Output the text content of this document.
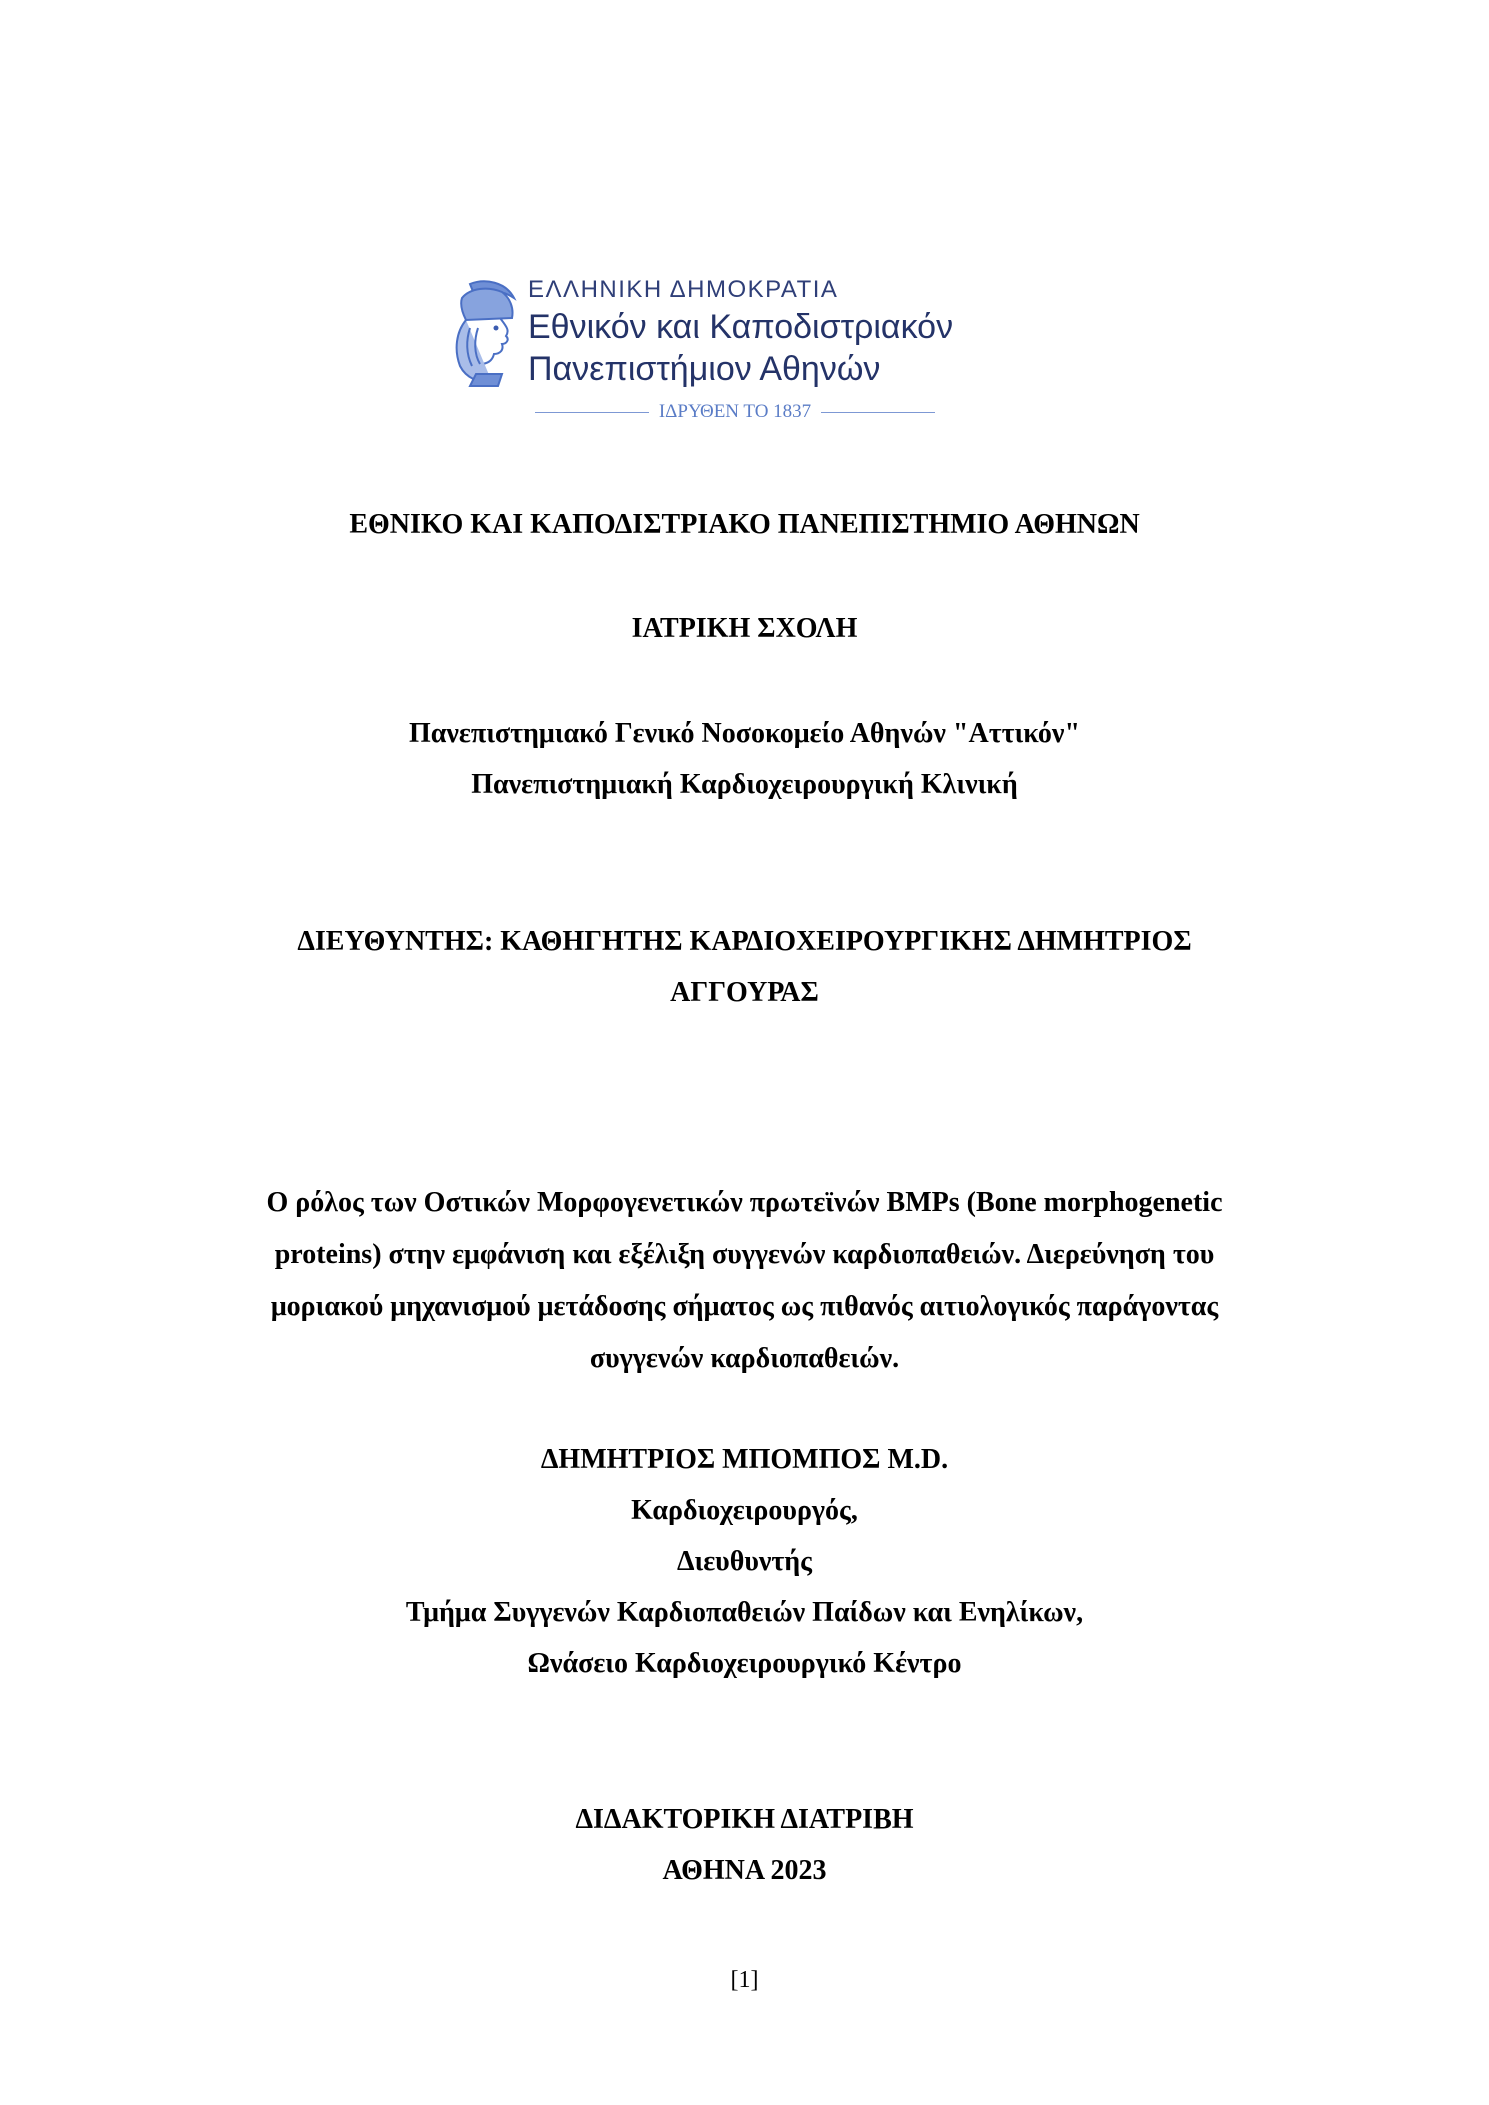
ΕΛΛΗΝΙΚΗ ΔΗΜΟΚΡΑΤΙΑ
Εθνικόν και Καποδιστριακόν
Πανεπιστήμιον Αθηνών
ΙΔΡΥΘΕΝ ΤΟ 1837
ΕΘΝΙΚΟ ΚΑΙ ΚΑΠΟΔΙΣΤΡΙΑΚΟ ΠΑΝΕΠΙΣΤΗΜΙΟ ΑΘΗΝΩΝ
ΙΑΤΡΙΚΗ ΣΧΟΛΗ
Πανεπιστημιακό Γενικό Νοσοκομείο Αθηνών "Αττικόν"
Πανεπιστημιακή Καρδιοχειρουργική Κλινική
ΔΙΕΥΘΥΝΤΗΣ: ΚΑΘΗΓΗΤΗΣ ΚΑΡΔΙΟΧΕΙΡΟΥΡΓΙΚΗΣ ΔΗΜΗΤΡΙΟΣ
ΑΓΓΟΥΡΑΣ
Ο ρόλος των Οστικών Μορφογενετικών πρωτεϊνών BMPs (Bone morphogenetic
proteins) στην εμφάνιση και εξέλιξη συγγενών καρδιοπαθειών. Διερεύνηση του
μοριακού μηχανισμού μετάδοσης σήματος ως πιθανός αιτιολογικός παράγοντας
συγγενών καρδιοπαθειών.
ΔΗΜΗΤΡΙΟΣ ΜΠΟΜΠΟΣ M.D.
Καρδιοχειρουργός,
Διευθυντής
Τμήμα Συγγενών Καρδιοπαθειών Παίδων και Ενηλίκων,
Ωνάσειο Καρδιοχειρουργικό Κέντρο
ΔΙΔΑΚΤΟΡΙΚΗ ΔΙΑΤΡΙΒΗ
ΑΘΗΝΑ 2023
[1]
